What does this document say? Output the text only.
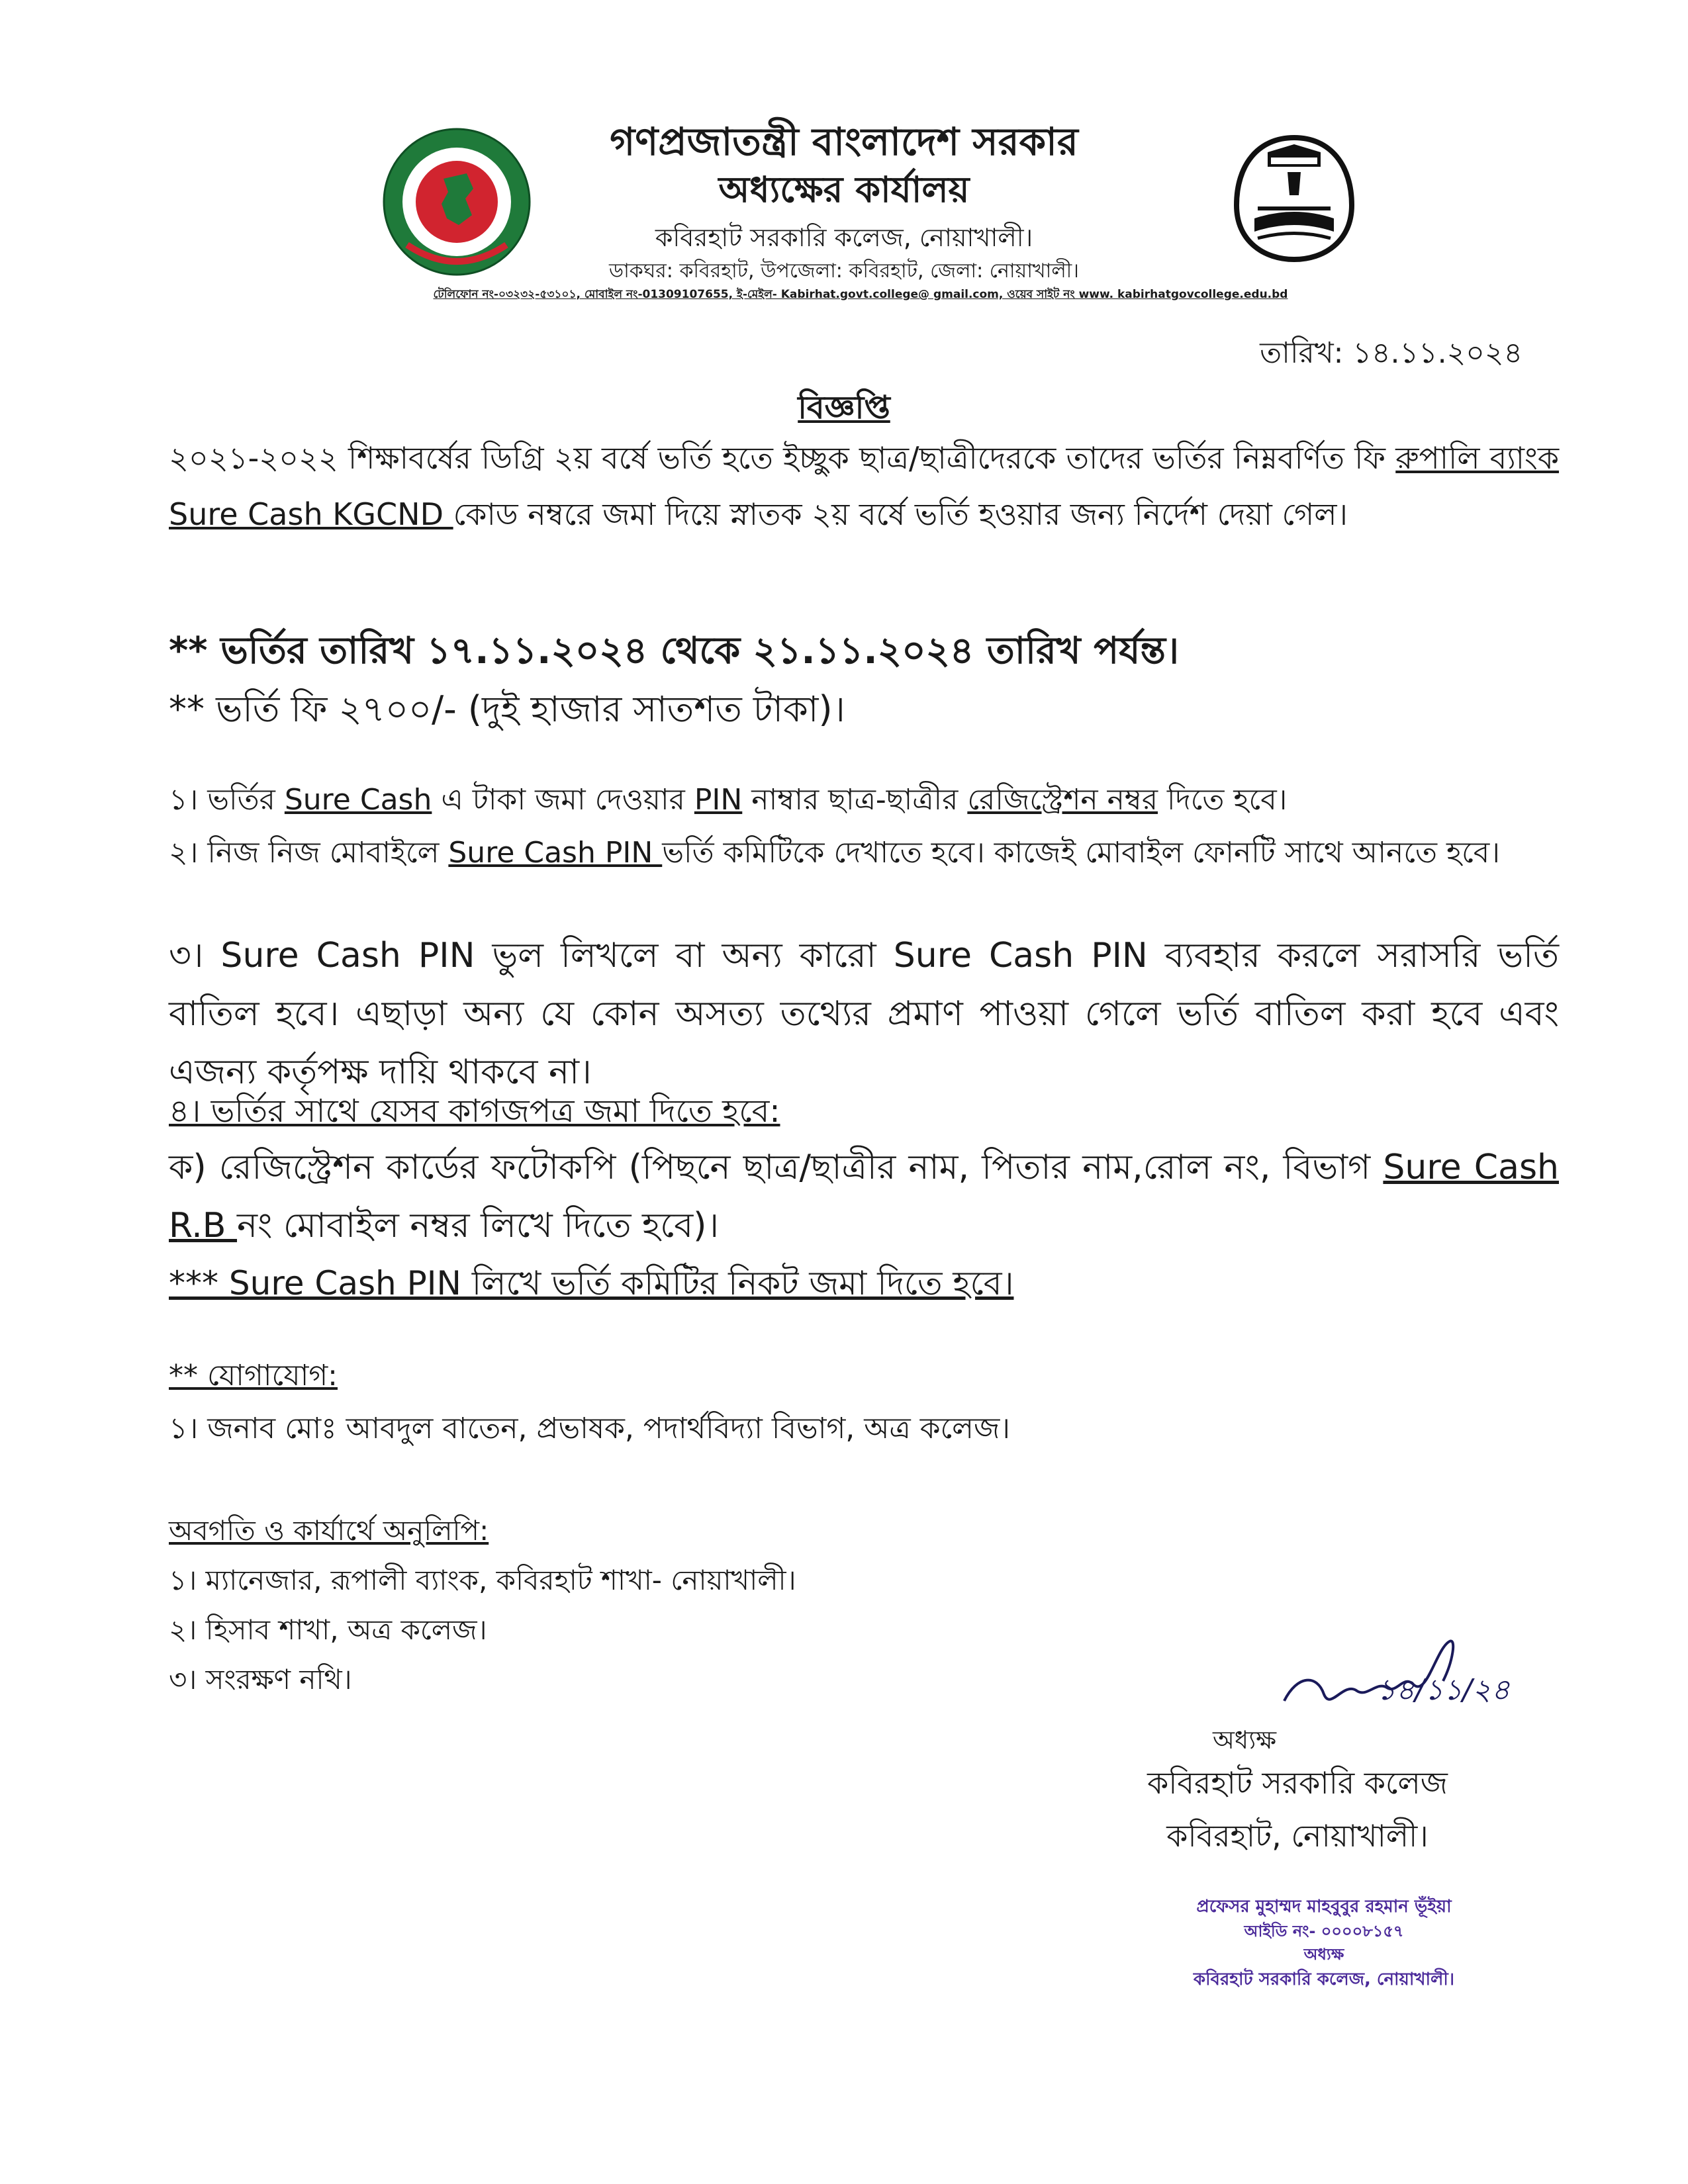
গণপ্রজাতন্ত্রী বাংলাদেশ সরকার
অধ্যক্ষের কার্যালয়
কবিরহাট সরকারি কলেজ, নোয়াখালী।
ডাকঘর: কবিরহাট, উপজেলা: কবিরহাট, জেলা: নোয়াখালী।
টেলিফোন নং-০৩২৩২-৫৩১০১, মোবাইল নং-01309107655, ই-মেইল- Kabirhat.govt.college@ gmail.com, ওয়েব সাইট নং www. kabirhatgovcollege.edu.bd
তারিখ: ১৪.১১.২০২৪
বিজ্ঞপ্তি
২০২১-২০২২ শিক্ষাবর্ষের ডিগ্রি ২য় বর্ষে ভর্তি হতে ইচ্ছুক ছাত্র/ছাত্রীদেরকে তাদের ভর্তির নিম্নবর্ণিত ফি রুপালি ব্যাংক Sure Cash KGCND কোড নম্বরে জমা দিয়ে স্নাতক ২য় বর্ষে ভর্তি হওয়ার জন্য নির্দেশ দেয়া গেল।
** ভর্তির তারিখ ১৭.১১.২০২৪ থেকে ২১.১১.২০২৪ তারিখ পর্যন্ত।
** ভর্তি ফি ২৭০০/- (দুই হাজার সাতশত টাকা)।
১। ভর্তির Sure Cash এ টাকা জমা দেওয়ার PIN নাম্বার ছাত্র-ছাত্রীর রেজিস্ট্রেশন নম্বর দিতে হবে।
২। নিজ নিজ মোবাইলে Sure Cash PIN ভর্তি কমিটিকে দেখাতে হবে। কাজেই মোবাইল ফোনটি সাথে আনতে হবে।
৩। Sure Cash PIN ভুল লিখলে বা অন্য কারো Sure Cash PIN ব্যবহার করলে সরাসরি ভর্তি বাতিল হবে। এছাড়া অন্য যে কোন অসত্য তথ্যের প্রমাণ পাওয়া গেলে ভর্তি বাতিল করা হবে এবং এজন্য কর্তৃপক্ষ দায়ি থাকবে না।
৪। ভর্তির সাথে যেসব কাগজপত্র জমা দিতে হবে:
ক) রেজিস্ট্রেশন কার্ডের ফটোকপি (পিছনে ছাত্র/ছাত্রীর নাম, পিতার নাম,রোল নং, বিভাগ Sure Cash R.B নং মোবাইল নম্বর লিখে দিতে হবে)।
*** Sure Cash PIN লিখে ভর্তি কমিটির নিকট জমা দিতে হবে।
** যোগাযোগ:
১। জনাব মোঃ আবদুল বাতেন, প্রভাষক, পদার্থবিদ্যা বিভাগ, অত্র কলেজ।
অবগতি ও কার্যার্থে অনুলিপি:
১। ম্যানেজার, রূপালী ব্যাংক, কবিরহাট শাখা- নোয়াখালী।
২। হিসাব শাখা, অত্র কলেজ।
৩। সংরক্ষণ নথি।	১৪/১১/২৪
অধ্যক্ষ
কবিরহাট সরকারি কলেজ
কবিরহাট, নোয়াখালী।
প্রফেসর মুহাম্মদ মাহবুবুর রহমান ভূঁইয়া
আইডি নং- ০০০০৮১৫৭
অধ্যক্ষ
কবিরহাট সরকারি কলেজ, নোয়াখালী।
